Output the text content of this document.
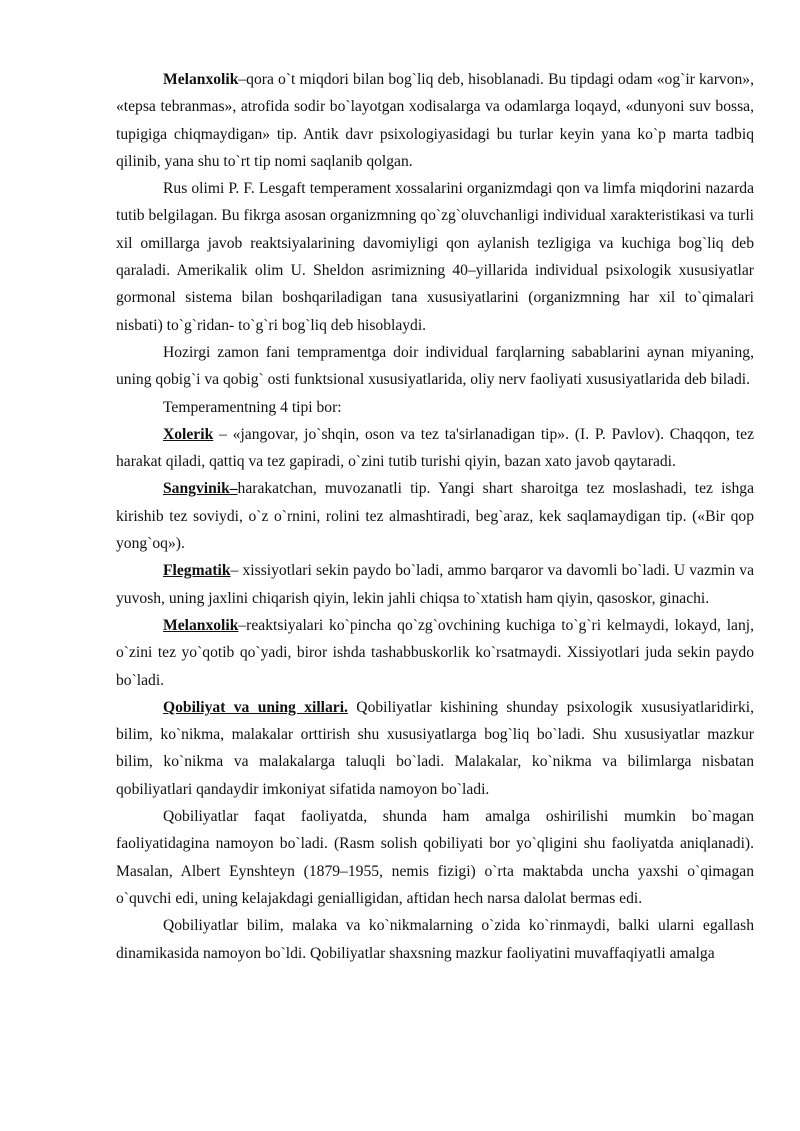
Melanxolik–qora o`t miqdori bilan bog`liq deb, hisoblanadi. Bu tipdagi odam «og`ir karvon», «tepsa tebranmas», atrofida sodir bo`layotgan xodisalarga va odamlarga loqayd, «dunyoni suv bossa, tupigiga chiqmaydigan» tip. Antik davr psixologiyasidagi bu turlar keyin yana ko`p marta tadbiq qilinib, yana shu to`rt tip nomi saqlanib qolgan.

Rus olimi P. F. Lesgaft temperament xossalarini organizmdagi qon va limfa miqdorini nazarda tutib belgilagan. Bu fikrga asosan organizmning qo`zg`oluvchanligi individual xarakteristikasi va turli xil omillarga javob reaktsiyalarining davomiyligi qon aylanish tezligiga va kuchiga bog`liq deb qaraladi. Amerikalik olim U. Sheldon asrimizning 40–yillarida individual psixologik xususiyatlar gormonal sistema bilan boshqariladigan tana xususiyatlarini (organizmning har xil to`qimalari nisbati) to`g`ridan- to`g`ri bog`liq deb hisoblaydi.

Hozirgi zamon fani tempramentga doir individual farqlarning sabablarini aynan miyaning, uning qobig`i va qobig` osti funktsional xususiyatlarida, oliy nerv faoliyati xususiyatlarida deb biladi.

Temperamentning 4 tipi bor:

Xolerik – «jangovar, jo`shqin, oson va tez ta'sirlanadigan tip». (I. P. Pavlov). Chaqqon, tez harakat qiladi, qattiq va tez gapiradi, o`zini tutib turishi qiyin, bazan xato javob qaytaradi.

Sangvinik–harakatchan, muvozanatli tip. Yangi shart sharoitga tez moslashadi, tez ishga kirishib tez soviydi, o`z o`rnini, rolini tez almashtiradi, beg`araz, kek saqlamaydigan tip. («Bir qop yong`oq»).

Flegmatik– xissiyotlari sekin paydo bo`ladi, ammo barqaror va davomli bo`ladi. U vazmin va yuvosh, uning jaxlini chiqarish qiyin, lekin jahli chiqsa to`xtatish ham qiyin, qasoskor, ginachi.

Melanxolik–reaktsiyalari ko`pincha qo`zg`ovchining kuchiga to`g`ri kelmaydi, lokayd, lanj, o`zini tez yo`qotib qo`yadi, biror ishda tashabbuskorlik ko`rsatmaydi. Xissiyotlari juda sekin paydo bo`ladi.

Qobiliyat va uning xillari. Qobiliyatlar kishining shunday psixologik xususiyatlaridirki, bilim, ko`nikma, malakalar orttirish shu xususiyatlarga bog`liq bo`ladi. Shu xususiyatlar mazkur bilim, ko`nikma va malakalarga taluqli bo`ladi. Malakalar, ko`nikma va bilimlarga nisbatan qobiliyatlari qandaydir imkoniyat sifatida namoyon bo`ladi.

Qobiliyatlar faqat faoliyatda, shunda ham amalga oshirilishi mumkin bo`magan faoliyatidagina namoyon bo`ladi. (Rasm solish qobiliyati bor yo`qligini shu faoliyatda aniqlanadi). Masalan, Albert Eynshteyn (1879–1955, nemis fizigi) o`rta maktabda uncha yaxshi o`qimagan o`quvchi edi, uning kelajakdagi genialligidan, aftidan hech narsa dalolat bermas edi.

Qobiliyatlar bilim, malaka va ko`nikmalarning o`zida ko`rinmaydi, balki ularni egallash dinamikasida namoyon bo`ldi. Qobiliyatlar shaxsning mazkur faoliyatini muvaffaqiyatli amalga
